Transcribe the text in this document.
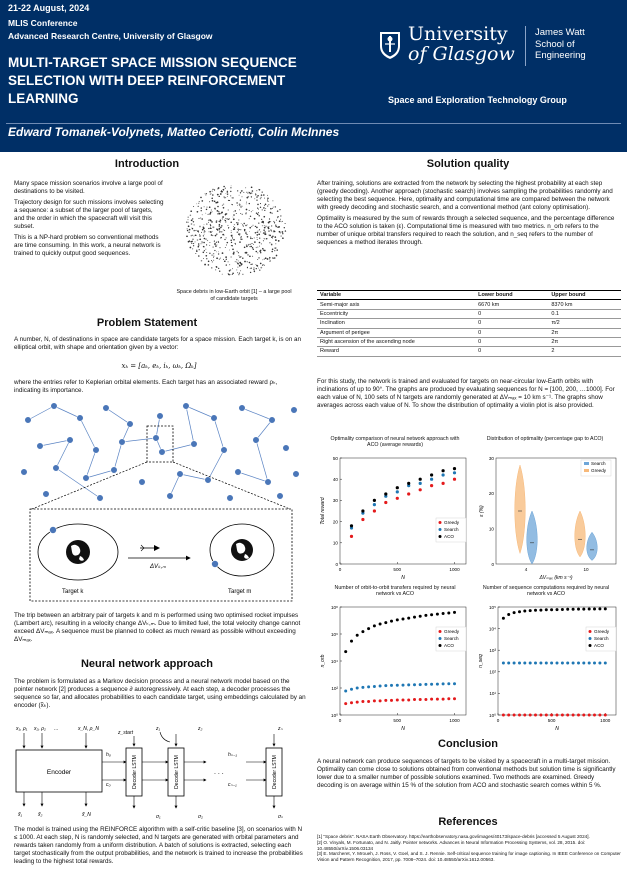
21-22 August, 2024
MLIS Conference
Advanced Research Centre, University of Glasgow
MULTI-TARGET SPACE MISSION SEQUENCE
SELECTION WITH DEEP REINFORCEMENT
LEARNING
University
of Glasgow
James Watt
School of
Engineering
Space and Exploration Technology Group
Edward Tomanek-Volynets, Matteo Ceriotti, Colin McInnes
Introduction

Many space mission scenarios involve a large pool of destinations to be visited.

Trajectory design for such missions involves selecting a sequence: a subset of the larger pool of targets, and the order in which the spacecraft will visit this subset.

This is a NP-hard problem so conventional methods are time consuming. In this work, a neural network is trained to quickly output good sequences.

Space debris in low-Earth orbit [1] – a large pool of candidate targets
Problem Statement
A number, N, of destinations in space are candidate targets for a space mission. Each target k, is on an elliptical orbit, with shape and orientation given by a vector:
xₖ = [aₖ, eₖ, iₖ, ωₖ, Ωₖ]
where the entries refer to Keplerian orbital elements. Each target has an associated reward ρₖ, indicating its importance.
ΔVₖ,ₘ
Target k	Target m
The trip between an arbitrary pair of targets k and m is performed using two optimised rocket impulses (Lambert arc), resulting in a velocity change ΔVₖ,ₘ. Due to limited fuel, the total velocity change cannot exceed ΔVₘₐₓ. A sequence must be planned to collect as much reward as possible without exceeding ΔVₘₐₓ.
Neural network approach
The problem is formulated as a Markov decision process and a neural network model based on the pointer network [2] produces a sequence ∂ autoregressively. At each step, a decoder processes the sequence so far, and allocates probabilities to each candidate target, using embeddings calculated by an encoder (x̃ₖ).
x₁, ρ₁ x₂, ρ₂ ...	x_N, ρ_N
Encoder
x̃₁	x̃₂	x̃_N
h₀
c₀
hₙ₋₁
cₙ₋₁
z_start
z₁	z₂	zₙ
σ₁	σ₂	σₙ
Decoder LSTM	Decoder LSTM	Decoder LSTM
. . .
The model is trained using the REINFORCE algorithm with a self-critic baseline [3], on scenarios with N ≤ 1000. At each step, N is randomly selected, and N targets are generated with orbital parameters and rewards taken randomly from a uniform distribution. A batch of solutions is extracted, selecting each target stochastically from the output probabilities, and the network is trained to increase the probabilities leading to the highest total rewards.
Solution quality

After training, solutions are extracted from the network by selecting the highest probability at each step (greedy decoding). Another approach (stochastic search) involves sampling the probabilities randomly and selecting the best sequence. Here, optimality and computational time are compared between the network with greedy decoding and stochastic search, and a conventional method (ant colony optimisation).

Optimality is measured by the sum of rewards through a selected sequence, and the percentage difference to the ACO solution is taken (ε). Computational time is measured with two metrics. n_orb refers to the number of unique orbital transfers required to reach the solution, and n_seq refers to the number of sequences a method iterates through.

Variable	Lower bound	Upper bound
Semi-major axis	6670 km	8370 km
Eccentricity	0	0.1
Inclination	0	π/2
Argument of perigee	0	2π
Right ascension of the ascending node	0	2π
Reward	0	2
For this study, the network is trained and evaluated for targets on near-circular low-Earth orbits with inclinations of up to 90°. The graphs are produced by evaluating sequences for N = [100, 200, …1000]. For each value of N, 100 sets of N targets are randomly generated at ΔVₘₐₓ = 10 km s⁻¹. The graphs show averages across each value of N. To show the distribution of optimality a violin plot is also provided.
Optimality comparison of neural network approach with ACO (average rewards)
0
10
20
30
40
50
0	500	1000
N
Total reward	Greedy
Search
ACO
Distribution of optimality (percentage gap to ACO)
0
10
20
30
4	10
ΔVₘₐₓ (km s⁻¹)
ε (%)
Search
Greedy
Number of orbit-to-orbit transfers required by neural network vs ACO
10⁰
10²
10⁴
10⁶
10⁸
0	500	1000
N
n_orb
Greedy
Search
ACO
Number of sequence computations required by neural network vs ACO
10⁰
10¹
10²
10³
10⁴
10⁵
0	500	1000
N
n_seq
Greedy
Search
ACO
Conclusion
A neural network can produce sequences of targets to be visited by a spacecraft in a multi-target mission. Optimality can come close to solutions obtained from conventional methods but solution time is significantly lower due to a smaller number of possible solutions examined. Two methods are examined. Greedy decoding is on average within 15 % of the solution from ACO and stochastic search comes within 5 %.
References
[1] "Space debris". NASA Earth Observatory. https://earthobservatory.nasa.gov/images/40173/space-debris [accessed 5 August 2024].
[2] O. Vinyals, M. Fortunato, and N. Jaitly. Pointer networks. Advances in Neural Information Processing Systems, vol. 28, 2015. doi: 10.48550/arXiv.1506.03134
[3] E. Marcheret, Y. Mroueh, J. Ross, V. Goel, and S. J. Rennie. Self-critical sequence training for image captioning. In IEEE Conference on Computer Vision and Pattern Recognition, 2017, pp. 7008–7024. doi: 10.48550/arXiv.1612.00563.
